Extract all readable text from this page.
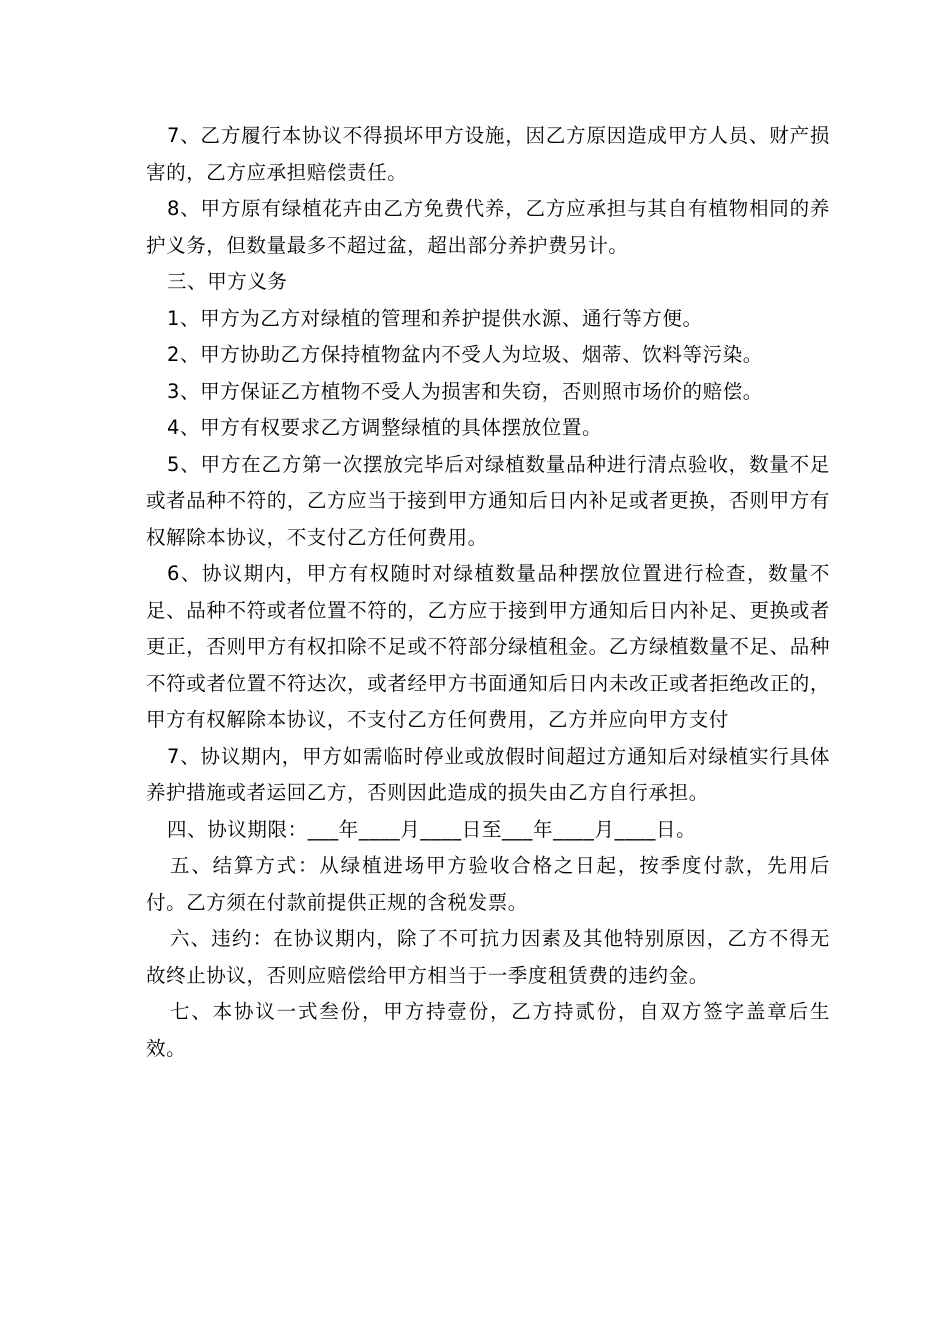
7、乙方履行本协议不得损坏甲方设施，因乙方原因造成甲方人员、财产损害的，乙方应承担赔偿责任。

8、甲方原有绿植花卉由乙方免费代养，乙方应承担与其自有植物相同的养护义务，但数量最多不超过盆，超出部分养护费另计。

三、甲方义务

1、甲方为乙方对绿植的管理和养护提供水源、通行等方便。

2、甲方协助乙方保持植物盆内不受人为垃圾、烟蒂、饮料等污染。

3、甲方保证乙方植物不受人为损害和失窃，否则照市场价的赔偿。

4、甲方有权要求乙方调整绿植的具体摆放位置。

5、甲方在乙方第一次摆放完毕后对绿植数量品种进行清点验收，数量不足或者品种不符的，乙方应当于接到甲方通知后日内补足或者更换，否则甲方有权解除本协议，不支付乙方任何费用。

6、协议期内，甲方有权随时对绿植数量品种摆放位置进行检查，数量不足、品种不符或者位置不符的，乙方应于接到甲方通知后日内补足、更换或者更正，否则甲方有权扣除不足或不符部分绿植租金。乙方绿植数量不足、品种不符或者位置不符达次，或者经甲方书面通知后日内未改正或者拒绝改正的，甲方有权解除本协议，不支付乙方任何费用，乙方并应向甲方支付

7、协议期内，甲方如需临时停业或放假时间超过方通知后对绿植实行具体养护措施或者运回乙方，否则因此造成的损失由乙方自行承担。

四、协议期限：___年____月____日至___年____月____日。

五、结算方式：从绿植进场甲方验收合格之日起，按季度付款，先用后付。乙方须在付款前提供正规的含税发票。

六、违约：在协议期内，除了不可抗力因素及其他特别原因，乙方不得无故终止协议，否则应赔偿给甲方相当于一季度租赁费的违约金。

七、本协议一式叁份，甲方持壹份，乙方持贰份，自双方签字盖章后生效。
